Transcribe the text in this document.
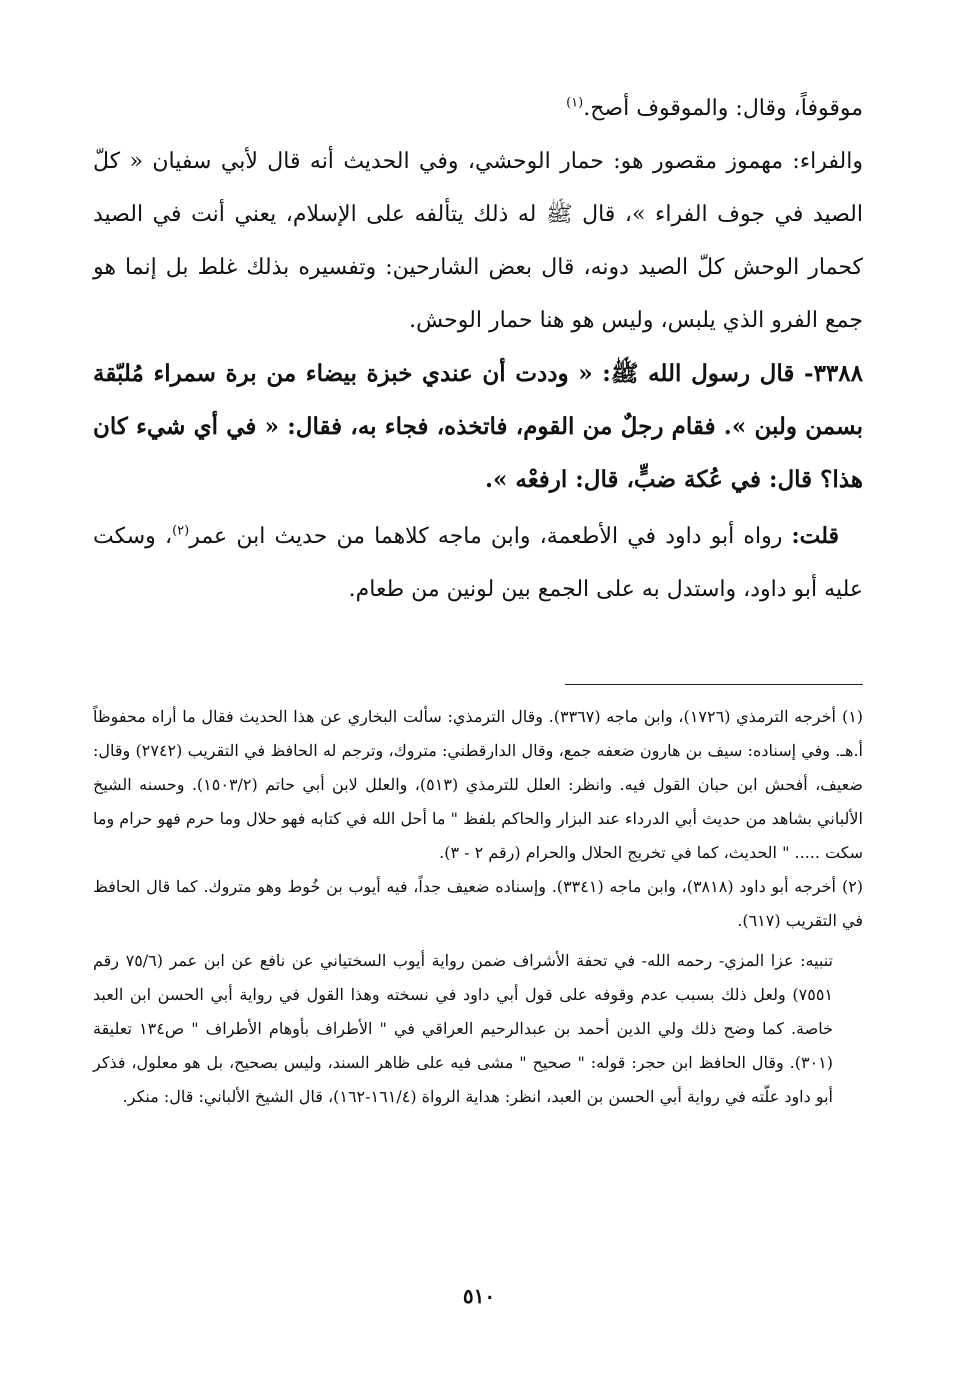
موقوفاً، وقال: والموقوف أصح.$^{(١)}$

والفراء: مهموز مقصور هو: حمار الوحشي، وفي الحديث أنه قال لأبي سفيان « كلّ الصيد في جوف الفراء »، قال ﷺ له ذلك يتألفه على الإسلام، يعني أنت في الصيد كحمار الوحش كلّ الصيد دونه، قال بعض الشارحين: وتفسيره بذلك غلط بل إنما هو جمع الفرو الذي يلبس، وليس هو هنا حمار الوحش.

٣٣٨٨- قال رسول الله ﷺ: « وددت أن عندي خبزة بيضاء من برة سمراء مُلبّقة بسمن ولبن ». فقام رجلٌ من القوم، فاتخذه، فجاء به، فقال: « في أي شيء كان هذا؟ قال: في عُكة ضبٍّ، قال: ارفعْه ».

قلت: رواه أبو داود في الأطعمة، وابن ماجه كلاهما من حديث ابن عمر$^{(٢)}$، وسكت عليه أبو داود، واستدل به على الجمع بين لونين من طعام.

(١)أخرجه الترمذي (١٧٢٦)، وابن ماجه (٣٣٦٧). وقال الترمذي: سألت البخاري عن هذا الحديث فقال ما أراه محفوظاً أ.هـ. وفي إسناده: سيف بن هارون ضعفه جمع، وقال الدارقطني: متروك، وترجم له الحافظ في التقريب (٢٧٤٢) وقال: ضعيف، أفحش ابن حبان القول فيه. وانظر: العلل للترمذي (٥١٣)، والعلل لابن أبي حاتم (١٥٠٣/٢). وحسنه الشيخ الألباني بشاهد من حديث أبي الدرداء عند البزار والحاكم بلفظ " ما أحل الله في كتابه فهو حلال وما حرم فهو حرام وما سكت ..... " الحديث، كما في تخريج الحلال والحرام (رقم ٢ - ٣).

(٢)أخرجه أبو داود (٣٨١٨)، وابن ماجه (٣٣٤١). وإسناده ضعيف جداً، فيه أيوب بن خُوط وهو متروك. كما قال الحافظ في التقريب (٦١٧).

تنبيه: عزا المزي- رحمه الله- في تحفة الأشراف ضمن رواية أيوب السختياني عن نافع عن ابن عمر (٧٥/٦ رقم ٧٥٥١) ولعل ذلك بسبب عدم وقوفه على قول أبي داود في نسخته وهذا القول في رواية أبي الحسن ابن العبد خاصة. كما وضح ذلك ولي الدين أحمد بن عبدالرحيم العراقي في " الأطراف بأوهام الأطراف " ص١٣٤ تعليقة (٣٠١). وقال الحافظ ابن حجر: قوله: " صحيح " مشى فيه على ظاهر السند، وليس بصحيح، بل هو معلول، فذكر أبو داود علّته في رواية أبي الحسن بن العبد، انظر: هداية الرواة (١٦١/٤-١٦٢)، قال الشيخ الألباني: قال: منكر.

٥١٠
